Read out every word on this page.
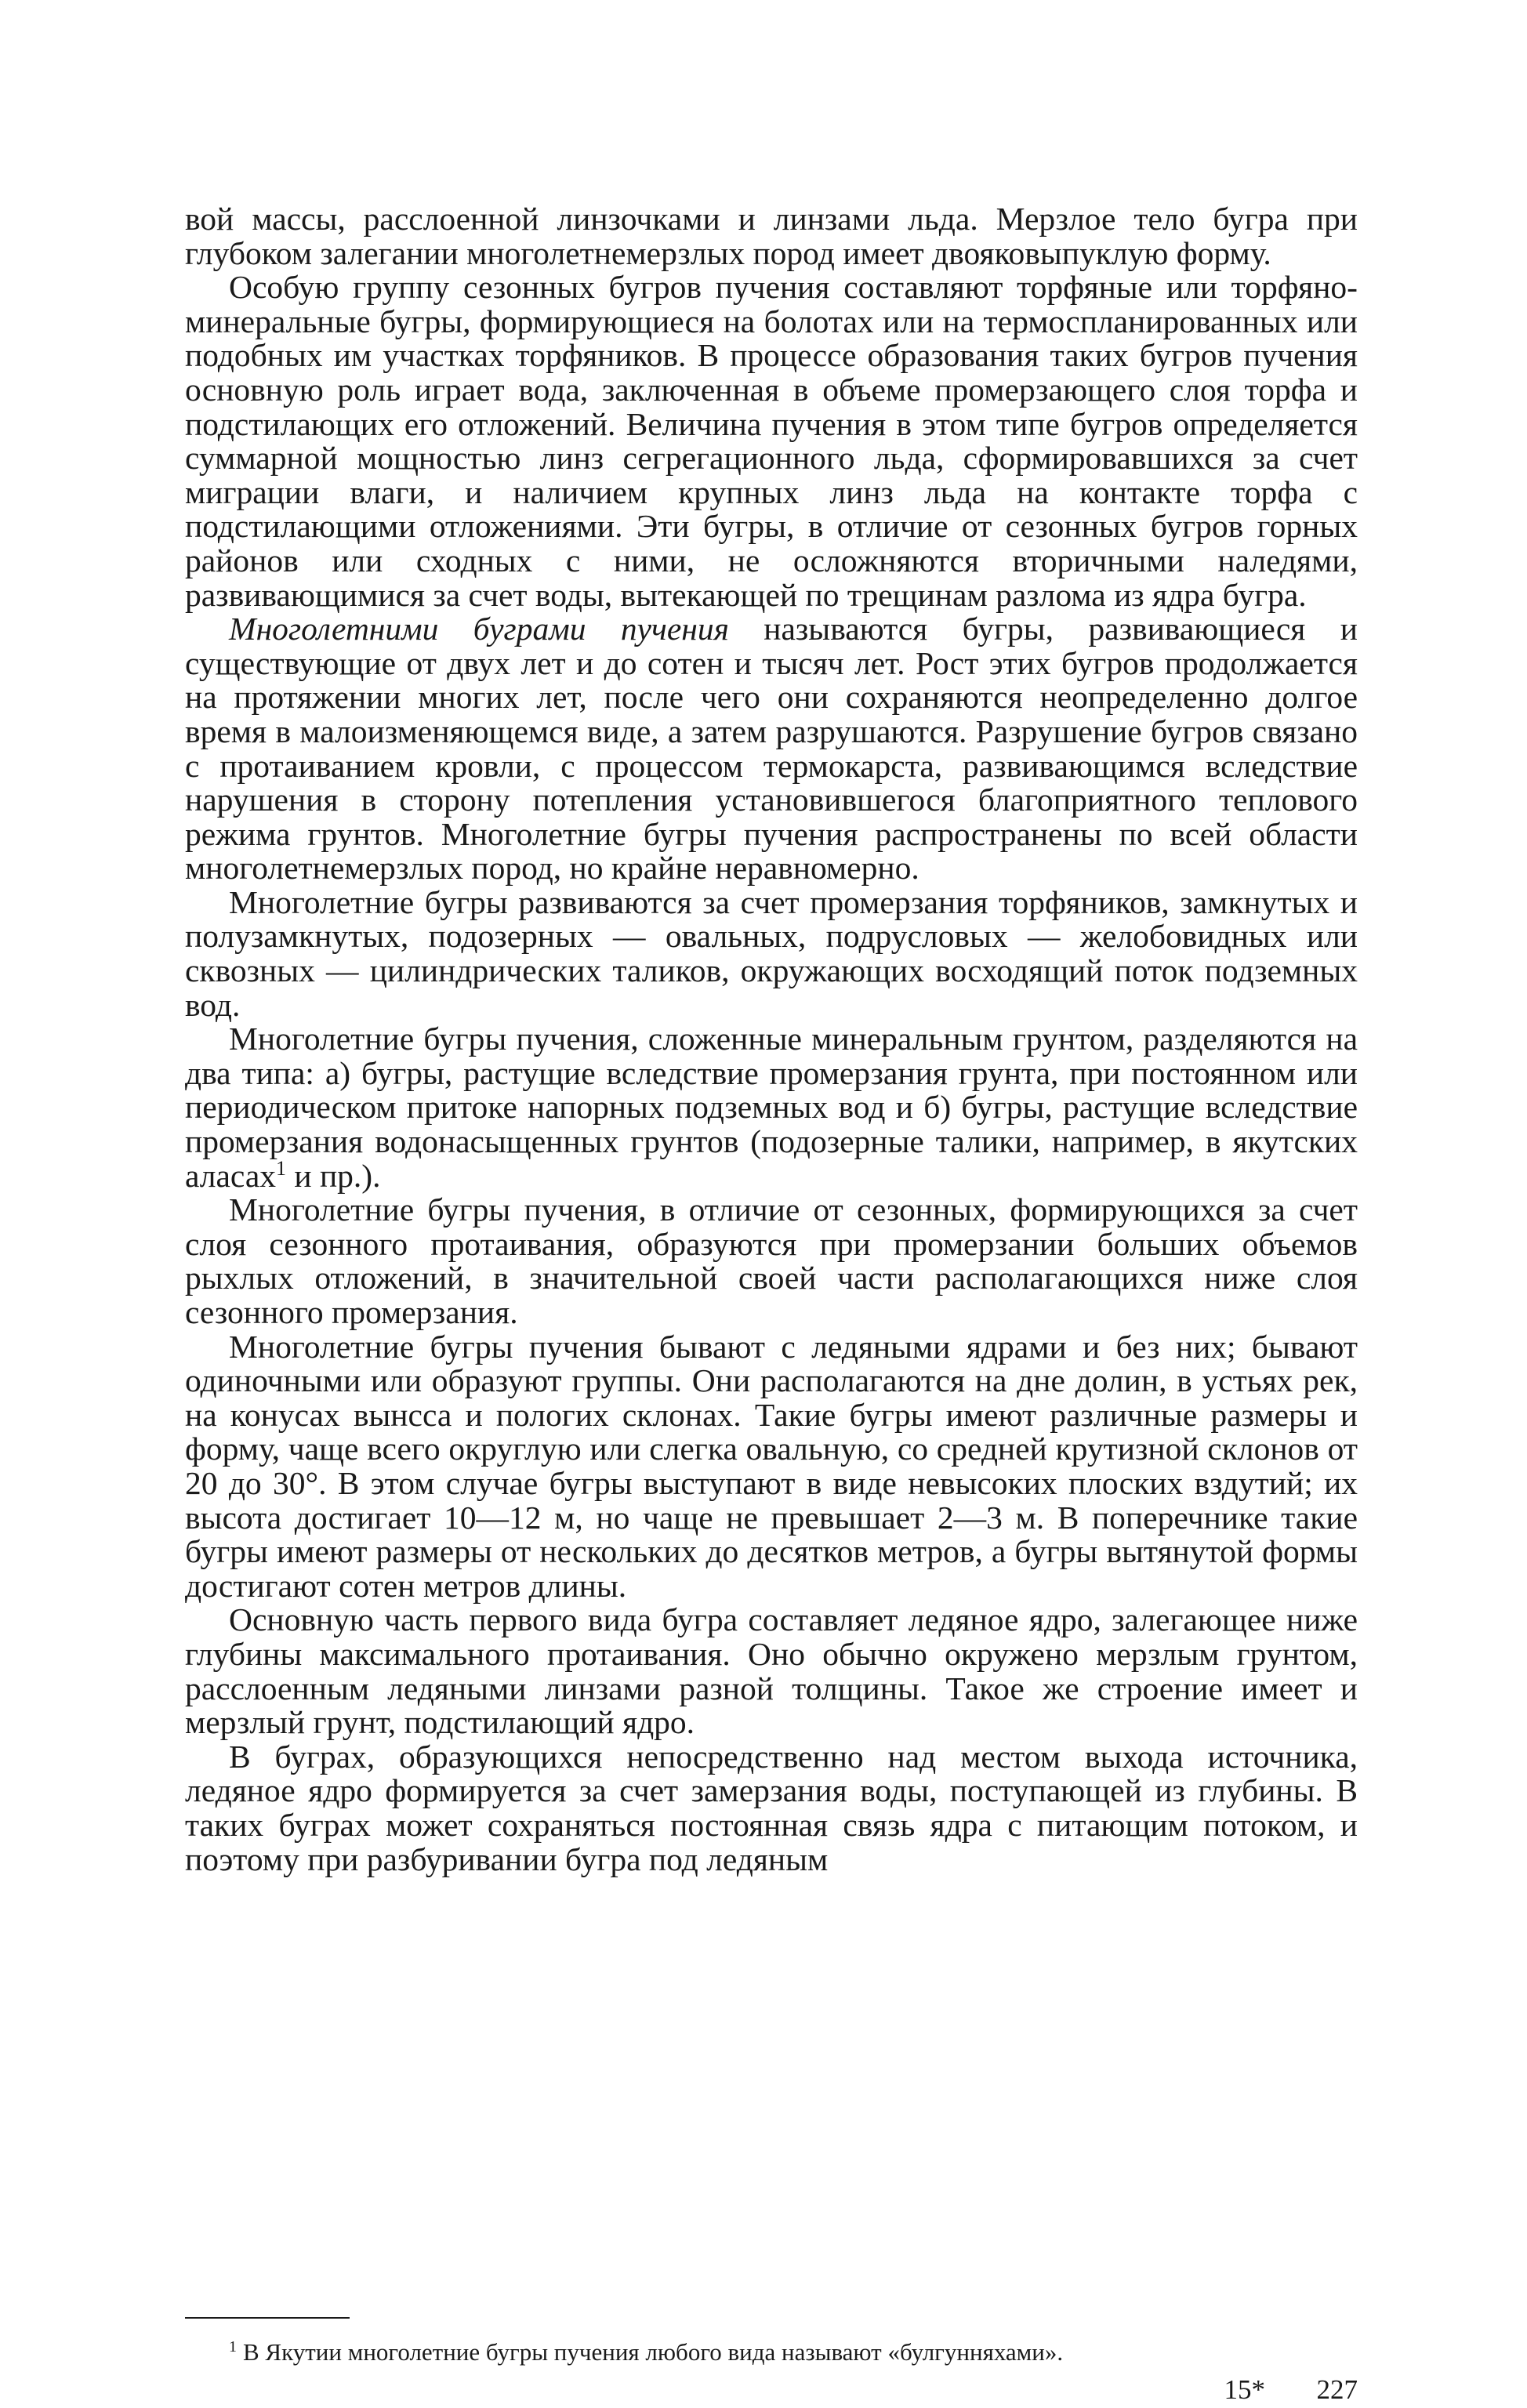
вой массы, расслоенной линзочками и линзами льда. Мерзлое тело бугра при глубоком залегании многолетнемерзлых пород имеет двояковыпуклую форму.

Особую группу сезонных бугров пучения составляют торфяные или торфяно-минеральные бугры, формирующиеся на болотах или на термоспланированных или подобных им участках торфяников. В процессе образования таких бугров пучения основную роль играет вода, заключенная в объеме промерзающего слоя торфа и подстилающих его отложений. Величина пучения в этом типе бугров определяется суммарной мощностью линз сегрегационного льда, сформировавшихся за счет миграции влаги, и наличием крупных линз льда на контакте торфа с подстилающими отложениями. Эти бугры, в отличие от сезонных бугров горных районов или сходных с ними, не осложняются вторичными наледями, развивающимися за счет воды, вытекающей по трещинам разлома из ядра бугра.

Многолетними буграми пучения называются бугры, развивающиеся и существующие от двух лет и до сотен и тысяч лет. Рост этих бугров продолжается на протяжении многих лет, после чего они сохраняются неопределенно долгое время в малоизменяющемся виде, а затем разрушаются. Разрушение бугров связано с протаиванием кровли, с процессом термокарста, развивающимся вследствие нарушения в сторону потепления установившегося благоприятного теплового режима грунтов. Многолетние бугры пучения распространены по всей области многолетнемерзлых пород, но крайне неравномерно.

Многолетние бугры развиваются за счет промерзания торфяников, замкнутых и полузамкнутых, подозерных — овальных, подрусловых — желобовидных или сквозных — цилиндрических таликов, окружающих восходящий поток подземных вод.

Многолетние бугры пучения, сложенные минеральным грунтом, разделяются на два типа: а) бугры, растущие вследствие промерзания грунта, при постоянном или периодическом притоке напорных подземных вод и б) бугры, растущие вследствие промерзания водонасыщенных грунтов (подозерные талики, например, в якутских аласах$^1$ и пр.).

Многолетние бугры пучения, в отличие от сезонных, формирующихся за счет слоя сезонного протаивания, образуются при промерзании больших объемов рыхлых отложений, в значительной своей части располагающихся ниже слоя сезонного промерзания.

Многолетние бугры пучения бывают с ледяными ядрами и без них; бывают одиночными или образуют группы. Они располагаются на дне долин, в устьях рек, на конусах вынсса и пологих склонах. Такие бугры имеют различные размеры и форму, чаще всего округлую или слегка овальную, со средней крутизной склонов от 20 до 30°. В этом случае бугры выступают в виде невысоких плоских вздутий; их высота достигает 10—12 м, но чаще не превышает 2—3 м. В поперечнике такие бугры имеют размеры от нескольких до десятков метров, а бугры вытянутой формы достигают сотен метров длины.

Основную часть первого вида бугра составляет ледяное ядро, залегающее ниже глубины максимального протаивания. Оно обычно окружено мерзлым грунтом, расслоенным ледяными линзами разной толщины. Такое же строение имеет и мерзлый грунт, подстилающий ядро.

В буграх, образующихся непосредственно над местом выхода источника, ледяное ядро формируется за счет замерзания воды, поступающей из глубины. В таких буграх может сохраняться постоянная связь ядра с питающим потоком, и поэтому при разбуривании бугра под ледяным

$^1$ В Якутии многолетние бугры пучения любого вида называют «булгунняхами».
15* 227
